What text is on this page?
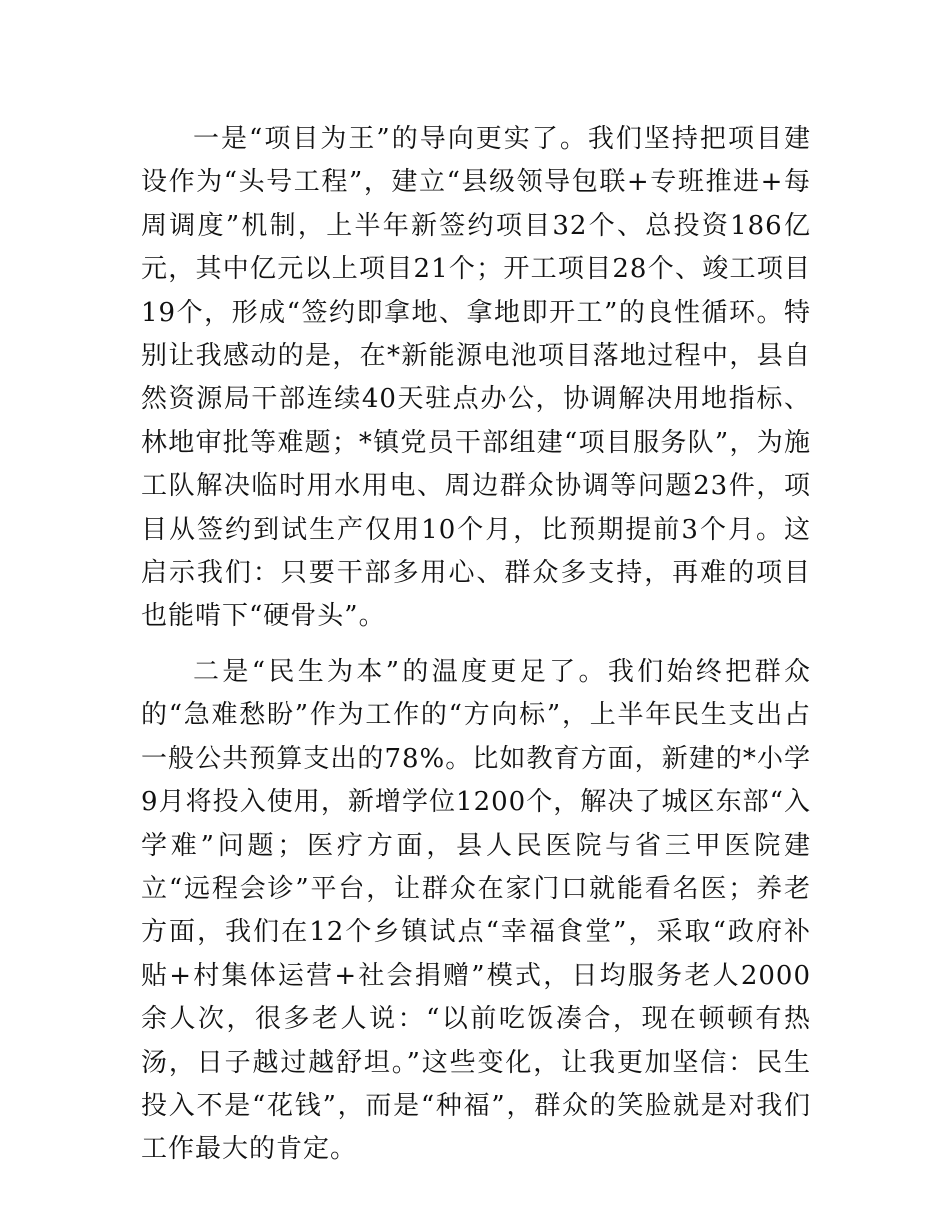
一是“项目为王”的导向更实了。我们坚持把项目建设作为“头号工程”，建立“县级领导包联+专班推进+每周调度”机制，上半年新签约项目32个、总投资186亿元，其中亿元以上项目21个；开工项目28个、竣工项目19个，形成“签约即拿地、拿地即开工”的良性循环。特别让我感动的是，在*新能源电池项目落地过程中，县自然资源局干部连续40天驻点办公，协调解决用地指标、林地审批等难题；*镇党员干部组建“项目服务队”，为施工队解决临时用水用电、周边群众协调等问题23件，项目从签约到试生产仅用10个月，比预期提前3个月。这启示我们：只要干部多用心、群众多支持，再难的项目也能啃下“硬骨头”。

二是“民生为本”的温度更足了。我们始终把群众的“急难愁盼”作为工作的“方向标”，上半年民生支出占一般公共预算支出的78%。比如教育方面，新建的*小学9月将投入使用，新增学位1200个，解决了城区东部“入学难”问题；医疗方面，县人民医院与省三甲医院建立“远程会诊”平台，让群众在家门口就能看名医；养老方面，我们在12个乡镇试点“幸福食堂”，采取“政府补贴+村集体运营+社会捐赠”模式，日均服务老人2000余人次，很多老人说：“以前吃饭凑合，现在顿顿有热汤，日子越过越舒坦。”这些变化，让我更加坚信：民生投入不是“花钱”，而是“种福”，群众的笑脸就是对我们工作最大的肯定。
